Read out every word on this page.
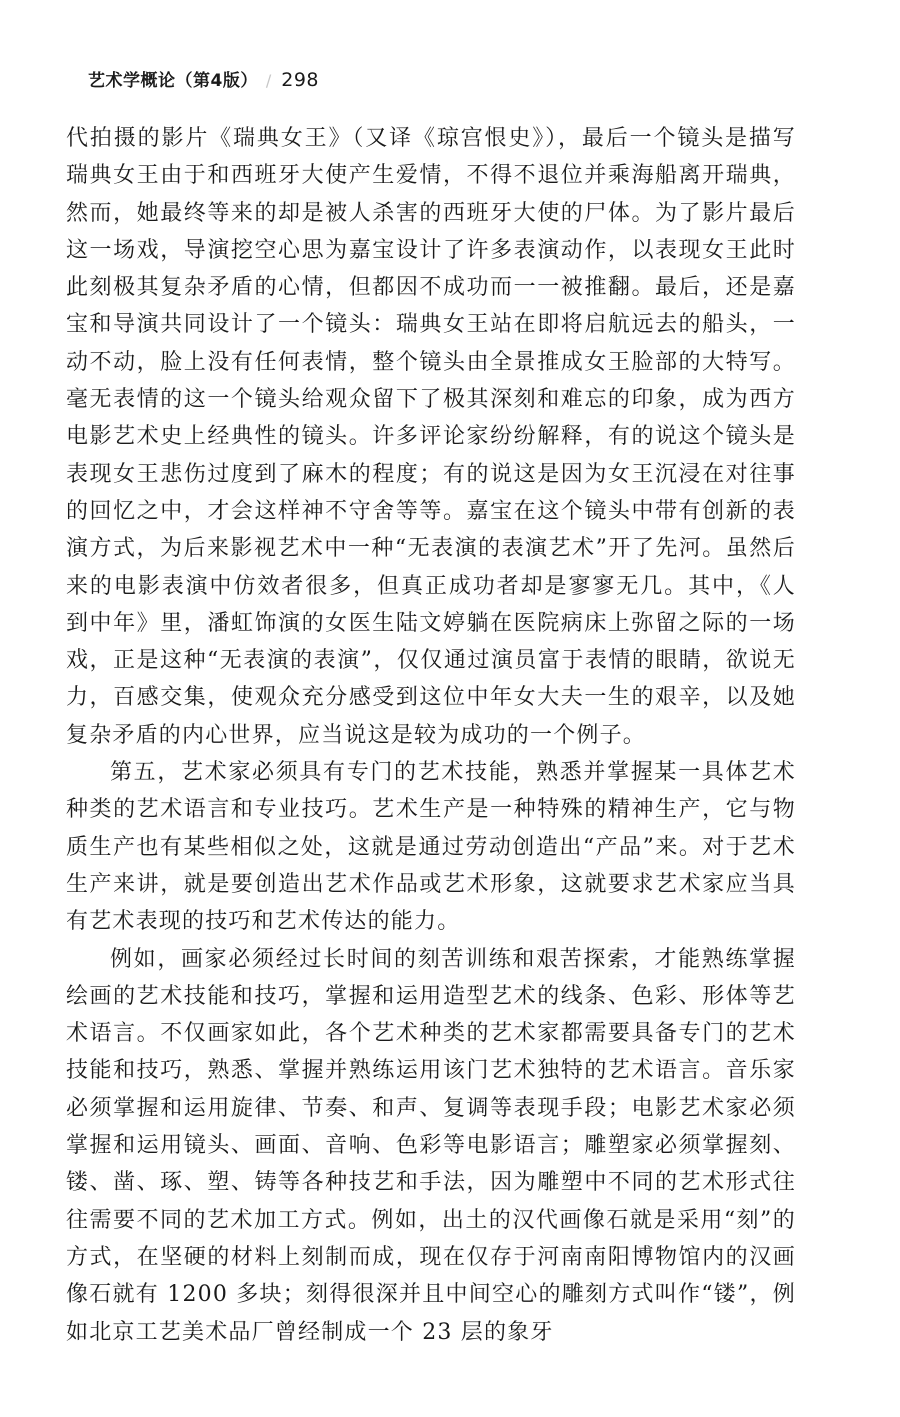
艺术学概论（第4版） / 298

代拍摄的影片《瑞典女王》（又译《琼宫恨史》），最后一个镜头是描写瑞典女王由于和西班牙大使产生爱情，不得不退位并乘海船离开瑞典，然而，她最终等来的却是被人杀害的西班牙大使的尸体。为了影片最后这一场戏，导演挖空心思为嘉宝设计了许多表演动作，以表现女王此时此刻极其复杂矛盾的心情，但都因不成功而一一被推翻。最后，还是嘉宝和导演共同设计了一个镜头：瑞典女王站在即将启航远去的船头，一动不动，脸上没有任何表情，整个镜头由全景推成女王脸部的大特写。毫无表情的这一个镜头给观众留下了极其深刻和难忘的印象，成为西方电影艺术史上经典性的镜头。许多评论家纷纷解释，有的说这个镜头是表现女王悲伤过度到了麻木的程度；有的说这是因为女王沉浸在对往事的回忆之中，才会这样神不守舍等等。嘉宝在这个镜头中带有创新的表演方式，为后来影视艺术中一种“无表演的表演艺术”开了先河。虽然后来的电影表演中仿效者很多，但真正成功者却是寥寥无几。其中，《人到中年》里，潘虹饰演的女医生陆文婷躺在医院病床上弥留之际的一场戏，正是这种“无表演的表演”，仅仅通过演员富于表情的眼睛，欲说无力，百感交集，使观众充分感受到这位中年女大夫一生的艰辛，以及她复杂矛盾的内心世界，应当说这是较为成功的一个例子。

第五，艺术家必须具有专门的艺术技能，熟悉并掌握某一具体艺术种类的艺术语言和专业技巧。艺术生产是一种特殊的精神生产，它与物质生产也有某些相似之处，这就是通过劳动创造出“产品”来。对于艺术生产来讲，就是要创造出艺术作品或艺术形象，这就要求艺术家应当具有艺术表现的技巧和艺术传达的能力。

例如，画家必须经过长时间的刻苦训练和艰苦探索，才能熟练掌握绘画的艺术技能和技巧，掌握和运用造型艺术的线条、色彩、形体等艺术语言。不仅画家如此，各个艺术种类的艺术家都需要具备专门的艺术技能和技巧，熟悉、掌握并熟练运用该门艺术独特的艺术语言。音乐家必须掌握和运用旋律、节奏、和声、复调等表现手段；电影艺术家必须掌握和运用镜头、画面、音响、色彩等电影语言；雕塑家必须掌握刻、镂、凿、琢、塑、铸等各种技艺和手法，因为雕塑中不同的艺术形式往往需要不同的艺术加工方式。例如，出土的汉代画像石就是采用“刻”的方式，在坚硬的材料上刻制而成，现在仅存于河南南阳博物馆内的汉画像石就有 1200 多块；刻得很深并且中间空心的雕刻方式叫作“镂”，例如北京工艺美术品厂曾经制成一个 23 层的象牙
